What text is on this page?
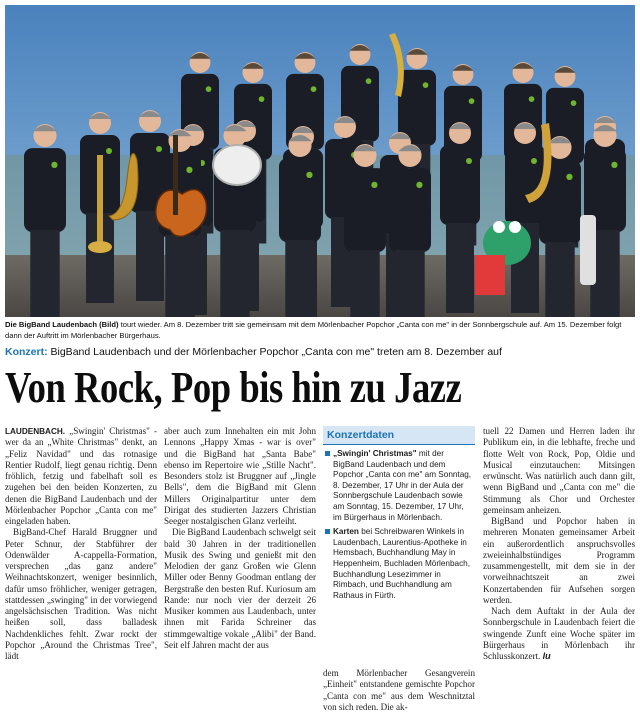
Die BigBand Laudenbach (Bild) tourt wieder. Am 8. Dezember tritt sie gemeinsam mit dem Mörlenbacher Popchor „Canta con me" in der Sonnbergschule auf. Am 15. Dezember folgt dann der Auftritt im Mörlenbacher Bürgerhaus.
Konzert: BigBand Laudenbach und der Mörlenbacher Popchor „Canta con me" treten am 8. Dezember auf
Von Rock, Pop bis hin zu Jazz

LAUDENBACH. „Swingin' Christmas" - wer da an „White Christmas" denkt, an „Feliz Navidad" und das rotnasige Rentier Rudolf, liegt genau richtig. Denn fröhlich, fetzig und fabelhaft soll es zugehen bei den beiden Konzerten, zu denen die BigBand Laudenbach und der Mörlenbacher Popchor „Canta con me" eingeladen haben.

BigBand-Chef Harald Bruggner und Peter Schnur, der Stabführer der Odenwälder A-cappella-Formation, versprechen „das ganz andere" Weihnachtskonzert, weniger besinnlich, dafür umso fröhlicher, weniger getragen, stattdessen „swinging" in der vorwiegend angelsächsischen Tradition. Was nicht heißen soll, dass balladesk Nachdenkliches fehlt. Zwar rockt der Popchor „Around the Christmas Tree", lädt

aber auch zum Innehalten ein mit John Lennons „Happy Xmas - war is over" und die BigBand hat „Santa Babe" ebenso im Repertoire wie „Stille Nacht". Besonders stolz ist Bruggner auf „Jingle Bells", dem die BigBand mit Glenn Millers Originalpartitur unter dem Dirigat des studierten Jazzers Christian Seeger nostalgischen Glanz verleiht.

Die BigBand Laudenbach schwelgt seit bald 30 Jahren in der traditionellen Musik des Swing und genießt mit den Melodien der ganz Großen wie Glenn Miller oder Benny Goodman entlang der Bergstraße den besten Ruf. Kuriosum am Rande: nur noch vier der derzeit 26 Musiker kommen aus Laudenbach, unter ihnen mit Farida Schreiner das stimmgewaltige vokale „Alibi" der Band. Seit elf Jahren macht der aus

Konzertdaten
„Swingin' Christmas" mit der BigBand Laudenbach und dem Popchor „Canta con me" am Sonntag, 8. Dezember, 17 Uhr in der Aula der Sonnbergschule Laudenbach sowie am Sonntag, 15. Dezember, 17 Uhr, im Bürgerhaus in Mörlenbach.
Karten bei Schreibwaren Winkels in Laudenbach, Laurentius-Apotheke in Hemsbach, Buchhandlung May in Heppenheim, Buchladen Mörlenbach, Buchhandlung Lesezimmer in Rimbach, und Buchhandlung am Rathaus in Fürth.

dem Mörlenbacher Gesangverein „Einheit" entstandene gemischte Popchor „Canta con me" aus dem Weschnitztal von sich reden. Die ak-

tuell 22 Damen und Herren laden ihr Publikum ein, in die lebhafte, freche und flotte Welt von Rock, Pop, Oldie und Musical einzutauchen: Mitsingen erwünscht. Was natürlich auch dann gilt, wenn BigBand und „Canta con me" die Stimmung als Chor und Orchester gemeinsam anheizen.

BigBand und Popchor haben in mehreren Monaten gemeinsamer Arbeit ein außerordentlich anspruchsvolles zweieinhalbstündiges Programm zusammengestellt, mit dem sie in der vorweihnachtszeit an zwei Konzertabenden für Aufsehen sorgen werden.

Nach dem Auftakt in der Aula der Sonnbergschule in Laudenbach feiert die swingende Zunft eine Woche später im Bürgerhaus in Mörlenbach ihr Schlusskonzert. lu
